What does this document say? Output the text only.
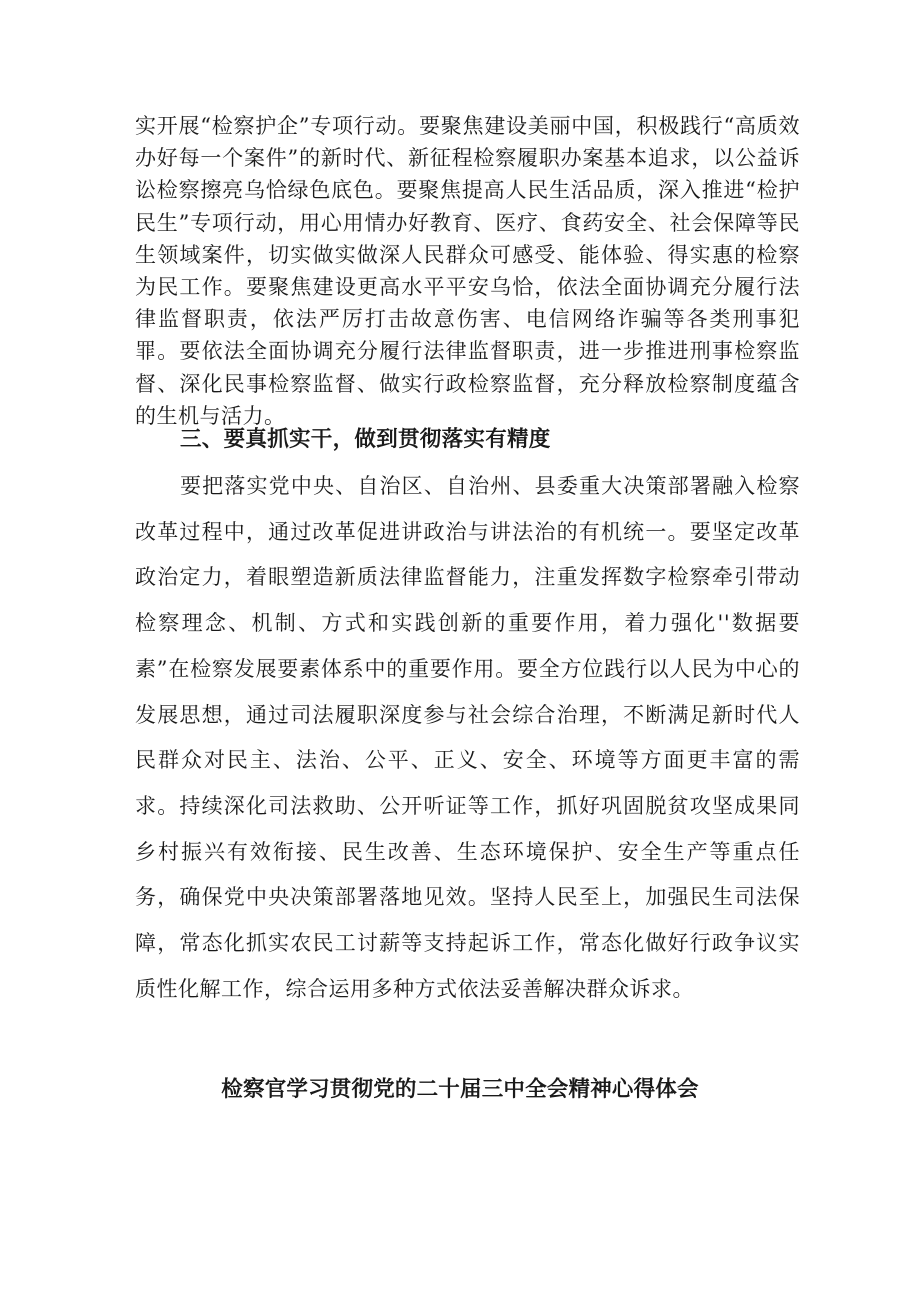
实开展“检察护企”专项行动。要聚焦建设美丽中国，积极践行“高质效办好每一个案件”的新时代、新征程检察履职办案基本追求，以公益诉讼检察擦亮乌恰绿色底色。要聚焦提高人民生活品质，深入推进“检护民生”专项行动，用心用情办好教育、医疗、食药安全、社会保障等民生领域案件，切实做实做深人民群众可感受、能体验、得实惠的检察为民工作。要聚焦建设更高水平平安乌恰，依法全面协调充分履行法律监督职责，依法严厉打击故意伤害、电信网络诈骗等各类刑事犯罪。要依法全面协调充分履行法律监督职责，进一步推进刑事检察监督、深化民事检察监督、做实行政检察监督，充分释放检察制度蕴含的生机与活力。

三、要真抓实干，做到贯彻落实有精度

要把落实党中央、自治区、自治州、县委重大决策部署融入检察改革过程中，通过改革促进讲政治与讲法治的有机统一。要坚定改革政治定力，着眼塑造新质法律监督能力，注重发挥数字检察牵引带动检察理念、机制、方式和实践创新的重要作用，着力强化''数据要素”在检察发展要素体系中的重要作用。要全方位践行以人民为中心的发展思想，通过司法履职深度参与社会综合治理，不断满足新时代人民群众对民主、法治、公平、正义、安全、环境等方面更丰富的需求。持续深化司法救助、公开听证等工作，抓好巩固脱贫攻坚成果同乡村振兴有效衔接、民生改善、生态环境保护、安全生产等重点任务，确保党中央决策部署落地见效。坚持人民至上，加强民生司法保障，常态化抓实农民工讨薪等支持起诉工作，常态化做好行政争议实质性化解工作，综合运用多种方式依法妥善解决群众诉求。

检察官学习贯彻党的二十届三中全会精神心得体会
